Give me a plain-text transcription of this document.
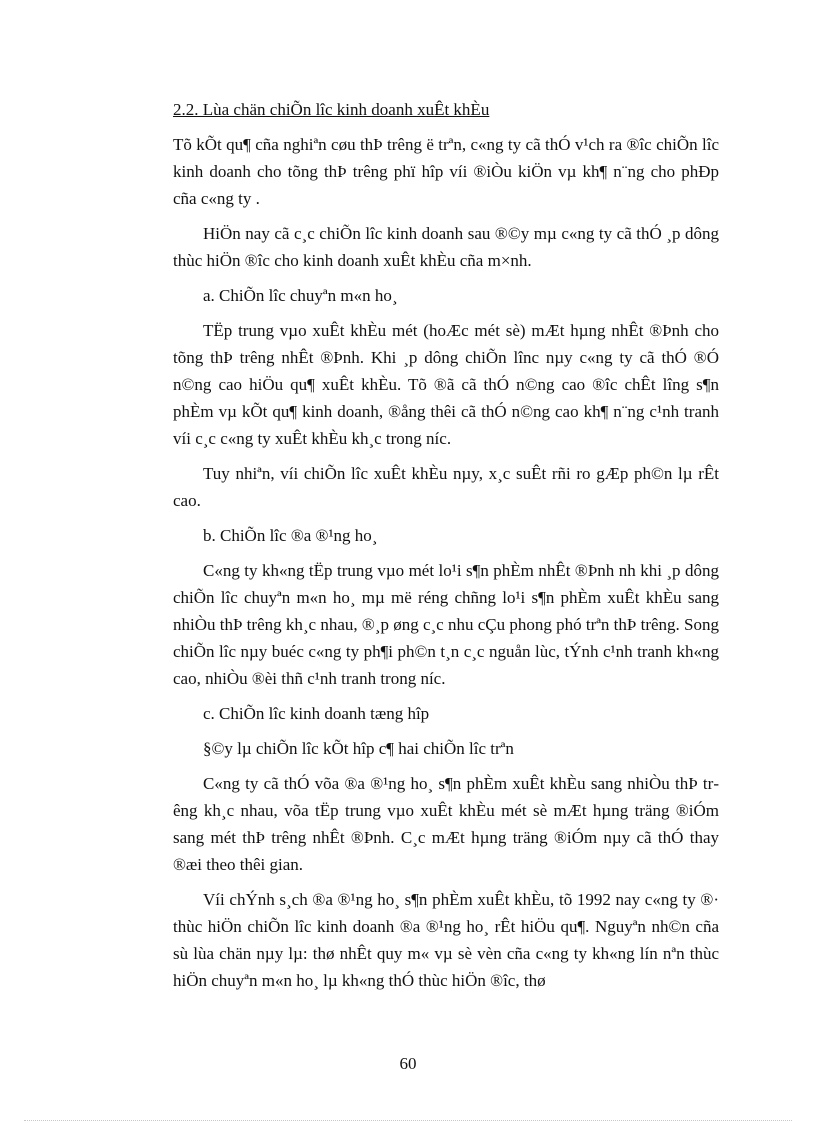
2.2. Lùa chän chiÕn lîc kinh doanh xuÊt khÈu

Tõ kÕt qu¶ cña nghiªn cøu thÞ trêng ë trªn, c«ng ty cã thÓ v¹ch ra ®îc chiÕn lîc kinh doanh cho tõng thÞ trêng phï hîp víi ®iÒu kiÖn vµ kh¶ n¨ng cho phÐp cña c«ng ty .

HiÖn nay cã c¸c chiÕn lîc kinh doanh sau ®©y mµ c«ng ty cã thÓ ¸p dông thùc hiÖn ®îc cho kinh doanh xuÊt khÈu cña m×nh.

a. ChiÕn lîc chuyªn m«n ho¸

TËp trung vµo xuÊt khÈu mét (hoÆc mét sè) mÆt hµng nhÊt ®Þnh cho tõng thÞ trêng nhÊt ®Þnh. Khi ¸p dông chiÕn lînc nµy c«ng ty cã thÓ ®Ó n©ng cao hiÖu qu¶ xuÊt khÈu. Tõ ®ã cã thÓ n©ng cao ®îc chÊt lîng s¶n phÈm vµ kÕt qu¶ kinh doanh, ®ång thêi cã thÓ n©ng cao kh¶ n¨ng c¹nh tranh víi c¸c c«ng ty xuÊt khÈu kh¸c trong níc.

Tuy nhiªn, víi chiÕn lîc xuÊt khÈu nµy, x¸c suÊt rñi ro gÆp ph©n lµ rÊt cao.

b. ChiÕn lîc ®a ®¹ng ho¸

C«ng ty kh«ng tËp trung vµo mét lo¹i s¶n phÈm nhÊt ®Þnh nh khi ¸p dông chiÕn lîc chuyªn m«n ho¸ mµ më réng chñng lo¹i s¶n phÈm xuÊt khÈu sang nhiÒu thÞ trêng kh¸c nhau, ®¸p øng c¸c nhu cÇu phong phó trªn thÞ trêng. Song chiÕn lîc nµy buéc c«ng ty ph¶i ph©n t¸n c¸c nguån lùc, tÝnh c¹nh tranh kh«ng cao, nhiÒu ®èi thñ c¹nh tranh trong níc.

c. ChiÕn lîc kinh doanh tæng hîp

§©y lµ chiÕn lîc kÕt hîp c¶ hai chiÕn lîc trªn

C«ng ty cã thÓ võa ®a ®¹ng ho¸ s¶n phÈm xuÊt khÈu sang nhiÒu thÞ trêng kh¸c nhau, võa tËp trung vµo xuÊt khÈu mét sè mÆt hµng träng ®iÓm sang mét thÞ trêng nhÊt ®Þnh. C¸c mÆt hµng träng ®iÓm nµy cã thÓ thay ®æi theo thêi gian.

Víi chÝnh s¸ch ®a ®¹ng ho¸ s¶n phÈm xuÊt khÈu, tõ 1992 nay c«ng ty ®· thùc hiÖn chiÕn lîc kinh doanh ®a ®¹ng ho¸ rÊt hiÖu qu¶. Nguyªn nh©n cña sù lùa chän nµy lµ: thø nhÊt quy m« vµ sè vèn cña c«ng ty kh«ng lín nªn thùc hiÖn chuyªn m«n ho¸ lµ kh«ng thÓ thùc hiÖn ®îc, thø

60
